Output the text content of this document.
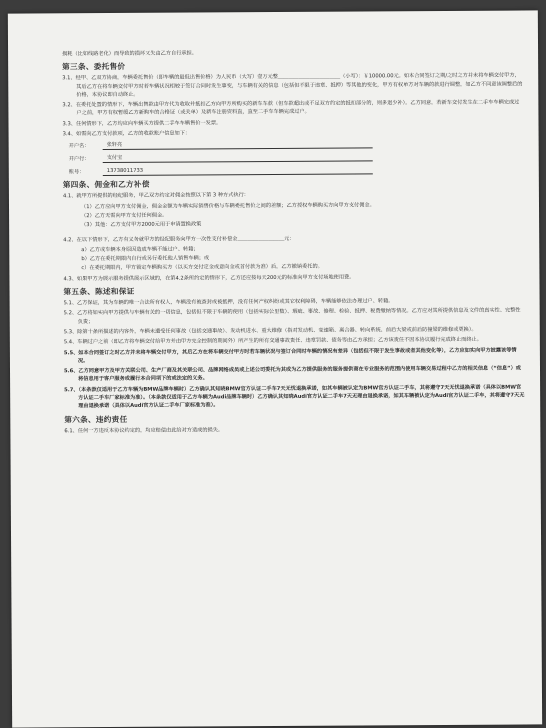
损耗（比如线路老化）而导致的损坏又失由乙方自行承担。

第三条、委托售价

3.1、经甲、乙双方协商，车辆委托售价（即车辆的最低出售价格）为人民币（大写）壹万元整＿＿＿＿＿＿＿＿＿＿＿＿（小写）：￥10000.00元。如本合同签订之期/之时之方并未将车辆交付甲方，其后乙方在将车辆交付甲方时若车辆状况相较于签订合同时发生事变，与车辆有关的信息（包括但不限于违章、抵押）等其他的变化，甲方有权单方对车辆的款进行调整，如乙方不同意该调整后的价格，本协议即自动终止。

3.2、在委托处置的情形下，车辆出售款由甲方代为收取并抵扣乙方向甲方所购买的新车车款（但车款超出或不足双方约定的抵扣部分的，则多退少补）。乙方同意，若新车交付发生在二手车车辆完成过户之前，甲方有权暂缓乙方新购车的合格证（或关单）及新车注册资料直，直至二手车车辆完成过户。

3.3、任何情形下，乙方均应向车辆买方提供二手车车辆售价一发票。

3.4、如需向乙方支付款项，乙方的收款账户信息如下：

开户名：	张轩亮
开户行：	支付宝
账号：	13738011733
第四条、佣金和乙方补偿

4.1、就甲方所提供的经纪服务，甲乙双方约定对佣金按照以下第 3 种方式执行：

（1）乙方应向甲方支付佣金，佣金金额为车辆实际销售价格与车辆委托售价之间的差额；乙方授权车辆购买方向甲方支付佣金。

（2）乙方无需向甲方支付任何佣金。

（3）其他：乙方支付甲方2000元用于申请置换政策

4.2、在以下情形下，乙方有义务就甲方的经纪服务向甲方一次性支付补偿金＿＿＿＿＿＿＿＿＿元：

a）乙方或车辆本身原因造成车辆不能过户、转籍；

b）乙方在委托期限内自行或另行委托他人销售车辆；或

c）在委托期限内，甲方锁定车辆购买方（以买方交付定金或意向金或首付款为准）后，乙方撤销委托的。

4.3、如果甲方为展示服务提供展示区域的，在第4.2条所约定的情形下，乙方还应按每天200元的标准向甲方支付场地使用费。

第五条、陈述和保证

5.1、乙方保证，其为车辆的唯一合法所有权人，车辆没有被查封或被抵押，没有任何产权纠纷或其它权利障碍，车辆能够依法办理过户、转籍。

5.2、乙方将如实向甲方提供与车辆有关的一切信息，包括但不限于车辆的使用（包括实际公里数）、瑕疵、事故、修理、检验、抵押、税费缴纳等情况。乙方应对其所提供信息及文件的真实性、完整性负责；

5.3、除第十条所描述的内容外，车辆未遭受任何事故（包括交通事故）、发动机进水、重大维修（指对发动机、变速箱、离合器、转向系统、前后大梁或前后防撞梁的维修或更换）。

5.4、车辆过户之前（即乙方将车辆交付给甲方并由甲方完全控制的期间外）所产生的所有交通事故责任、违章罚款、债务等由乙方承担；乙方该责任不因本协议履行完成终止而终止。

5.5、如本合同签订之时乙方并未将车辆交付甲方，其后乙方在将车辆交付甲方时若车辆状况与签订合同时车辆的情况有差异（包括但不限于发生事故或者其他变化等），乙方应如实向甲方披露该等情况。

5.6、乙方同意甲方及甲方关联公司、生产厂商及其关联公司、品牌网络成员或上述公司委托为其或为乙方提供服务的服务提供商在专业服务的范围内使用车辆交易过程中乙方的相关信息（“信息”）或将信息用于客户服务或履行本合同项下的或法定的义务。

5.7、（本条款仅适用于乙方车辆为BMW品牌车辆时）乙方确认其知晓BMW官方认证二手车7天无忧退换承诺，如其车辆被认定为BMW官方认证二手车，其将遵守7天无忧退换承诺（具体以BMW官方认证二手车厂家标准为准）。（本条款仅适用于乙方车辆为Audi品牌车辆时）乙方确认其知晓Audi官方认证二手车7天无理由退换承诺，如其车辆被认定为Audi官方认证二手车，其将遵守7天无理由退换承诺（具体以Audi官方认证二手车厂家标准为准）。

第六条、违约责任

6.1、任何一方违反本协议约定的，均应赔偿由此给对方造成的损失。
